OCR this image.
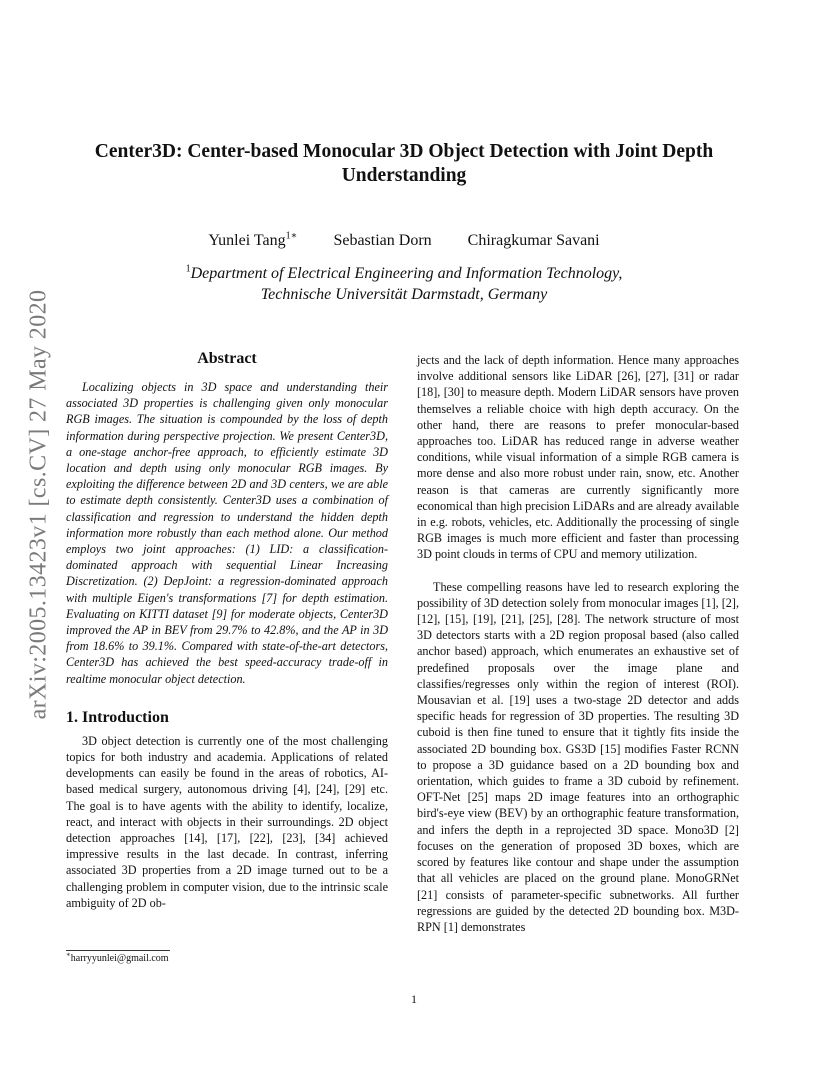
arXiv:2005.13423v1 [cs.CV] 27 May 2020
Center3D: Center-based Monocular 3D Object Detection with Joint Depth Understanding
Yunlei Tang$^{1∗}$ Sebastian Dorn Chiragkumar Savani
$^1$Department of Electrical Engineering and Information Technology,
Technische Universität Darmstadt, Germany
Abstract

Localizing objects in 3D space and understanding their associated 3D properties is challenging given only monocular RGB images. The situation is compounded by the loss of depth information during perspective projection. We present Center3D, a one-stage anchor-free approach, to efficiently estimate 3D location and depth using only monocular RGB images. By exploiting the difference between 2D and 3D centers, we are able to estimate depth consistently. Center3D uses a combination of classification and regression to understand the hidden depth information more robustly than each method alone. Our method employs two joint approaches: (1) LID: a classification-dominated approach with sequential Linear Increasing Discretization. (2) DepJoint: a regression-dominated approach with multiple Eigen's transformations [7] for depth estimation. Evaluating on KITTI dataset [9] for moderate objects, Center3D improved the AP in BEV from 29.7% to 42.8%, and the AP in 3D from 18.6% to 39.1%. Compared with state-of-the-art detectors, Center3D has achieved the best speed-accuracy trade-off in realtime monocular object detection.

1. Introduction

3D object detection is currently one of the most challenging topics for both industry and academia. Applications of related developments can easily be found in the areas of robotics, AI-based medical surgery, autonomous driving [4], [24], [29] etc. The goal is to have agents with the ability to identify, localize, react, and interact with objects in their surroundings. 2D object detection approaches [14], [17], [22], [23], [34] achieved impressive results in the last decade. In contrast, inferring associated 3D properties from a 2D image turned out to be a challenging problem in computer vision, due to the intrinsic scale ambiguity of 2D ob-

jects and the lack of depth information. Hence many approaches involve additional sensors like LiDAR [26], [27], [31] or radar [18], [30] to measure depth. Modern LiDAR sensors have proven themselves a reliable choice with high depth accuracy. On the other hand, there are reasons to prefer monocular-based approaches too. LiDAR has reduced range in adverse weather conditions, while visual information of a simple RGB camera is more dense and also more robust under rain, snow, etc. Another reason is that cameras are currently significantly more economical than high precision LiDARs and are already available in e.g. robots, vehicles, etc. Additionally the processing of single RGB images is much more efficient and faster than processing 3D point clouds in terms of CPU and memory utilization.

These compelling reasons have led to research exploring the possibility of 3D detection solely from monocular images [1], [2], [12], [15], [19], [21], [25], [28]. The network structure of most 3D detectors starts with a 2D region proposal based (also called anchor based) approach, which enumerates an exhaustive set of predefined proposals over the image plane and classifies/regresses only within the region of interest (ROI). Mousavian et al. [19] uses a two-stage 2D detector and adds specific heads for regression of 3D properties. The resulting 3D cuboid is then fine tuned to ensure that it tightly fits inside the associated 2D bounding box. GS3D [15] modifies Faster RCNN to propose a 3D guidance based on a 2D bounding box and orientation, which guides to frame a 3D cuboid by refinement. OFT-Net [25] maps 2D image features into an orthographic bird's-eye view (BEV) by an orthographic feature transformation, and infers the depth in a reprojected 3D space. Mono3D [2] focuses on the generation of proposed 3D boxes, which are scored by features like contour and shape under the assumption that all vehicles are placed on the ground plane. MonoGRNet [21] consists of parameter-specific subnetworks. All further regressions are guided by the detected 2D bounding box. M3D-RPN [1] demonstrates

∗harryyunlei@gmail.com
1
